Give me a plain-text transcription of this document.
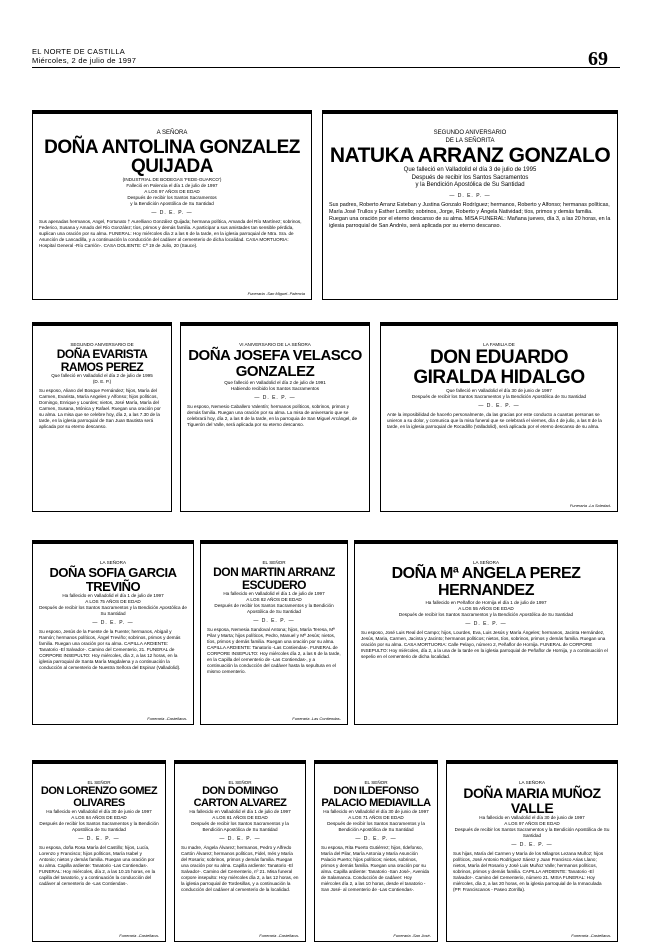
EL NORTE DE CASTILLA
Miércoles, 2 de julio de 1997	69
A SEÑORA
DOÑA ANTOLINA GONZALEZ QUIJADA
(INDUSTRIAL DE BODEGAS 'FEDE-GUARCO')
Falleció en Palencia el día 1 de julio de 1997
A LOS 97 AÑOS DE EDAD
Después de recibir los Santos Sacramentos
y la Bendición Apostólica de Su Santidad
— D. E. P. —
Sus apenadas hermanos, Angel, Fortunato † Aurelliano González Quijada; hermana política, Amanda del Río Martínez; sobrinos, Federico, Susana y Amado del Río González; tíos, primos y demás familia. A participar a sus amistades tan sensible pérdida, suplican una oración por su alma. FUNERAL: Hoy miércoles día 2 a las 6 de la tarde, en la iglesia parroquial de Ntra. Sra. de Asunción de Lancadilla, y a continuación la conducción del cadáver al cementerio de dicha localidad. CASA MORTUORIA: Hospital General -Río Carrión-. CASA DOLIENTE: Cª 19 de Julio, 20 (Sauce).
Funeraria -San Miguel- Palencia
SEGUNDO ANIVERSARIO DE LA SEÑORITA
NATUKA ARRANZ GONZALO
Que falleció en Valladolid el día 3 de julio de 1995
Después de recibir los Santos Sacramentos
y la Bendición Apostólica de Su Santidad
— D. E. P. —
Sus padres, Roberto Arranz Esteban y Justina Gonzalo Rodríguez; hermanos, Roberto y Alfonso; hermanas políticas, María José Trullos y Esther Lomillo; sobrinos, Jorge, Roberto y Ángela Natividad; tíos, primos y demás familia. Ruegan una oración por el eterno descanso de su alma. MISA FUNERAL: Mañana jueves, día 3, a las 20 horas, en la iglesia parroquial de San Andrés, será aplicada por su eterno descanso.
SEGUNDO ANIVERSARIO DE
DOÑA EVARISTA RAMOS PEREZ
Que falleció en Valladolid el día 2 de julio de 1995
(D. E. P.)
Su esposo, Aliano del Bosque Fernández; hijos, María del Carmen, Evarista, María Angeles y Alfonso; hijos políticos, Domingo, Enrique y Lourdes; nietos, José María, María del Carmen, Susana, Mónica y Rafael. Ruegan una oración por su alma. La misa que se celebre hoy, día 2, a las 7.30 de la tarde, en la iglesia parroquial de San Juan Bautista será aplicada por su eterno descanso.
VI ANIVERSARIO DE LA SEÑORA
DOÑA JOSEFA VELASCO GONZALEZ
Que falleció en Valladolid el día 2 de julio de 1991
Habiendo recibido los Santos Sacramentos
— D. E. P. —
Su esposo, Nemesio Caballero Valentín; hermanos políticos, sobrinos, primos y demás familia. Ruegan una oración por su alma. La misa de aniversario que se celebrará hoy, día 2, a las 8 de la tarde, en la parroquia de San Miguel Arcángel, de Tiguerón del Valle, será aplicada por su eterno descanso.
LA FAMILIA DE
DON EDUARDO GIRALDA HIDALGO
Que falleció en Valladolid el día 30 de junio de 1997
Después de recibir los Santos Sacramentos y la Bendición Apostólica de Su Santidad
— D. E. P. —
Ante la imposibilidad de hacerlo personalmente, da las gracias por este conducto a cuantas personas se unieron a su dolor, y comunica que la misa funeral que se celebrará el viernes, día 4 de julio, a las 8 de la tarde, en la iglesia parroquial de Rocadillo (Valladolid), será aplicada por el eterno descanso de su alma.
Funeraria -La Soledad-
LA SEÑORA
DOÑA SOFIA GARCIA TREVIÑO
Ha fallecido en Valladolid el día 1 de julio de 1997
A LOS 75 AÑOS DE EDAD
Después de recibir los Santos Sacramentos y la Bendición Apostólica de Su Santidad
— D. E. P. —
Su esposo, Jesús de la Fuente de la Fuente; hermanos, Abigail y Ramón; hermanos políticos, Ángel Treviño; sobrinos, primos y demás familia. Ruegan una oración por su alma. CAPILLA ARDIENTE: Tanatorio -El Salvador-. Camino del Cementerio, 21. FUNERAL de CORPORE INSEPULTO: Hoy miércoles, día 2, a las 12 horas, en la iglesia parroquial de Santa María Magdalena y a continuación la conducción al cementerio de Nuestra Señora del Espinar (Valladolid).
Funeraria -Castellana-
EL SEÑOR
DON MARTIN ARRANZ ESCUDERO
Ha fallecido en Valladolid el día 1 de julio de 1997
A LOS 82 AÑOS DE EDAD
Después de recibir los Santos Sacramentos y la Bendición Apostólica de Su Santidad
— D. E. P. —
Su esposa, Nemesia Sandoval Antona; hijos, María Teresa, Mª Pilar y Marta; hijos políticos, Pedro, Manuel y Mª Jesús; nietos, tíos, primos y demás familia. Ruegan una oración por su alma. CAPILLA ARDIENTE: Tanatorio -Las Contiendas-. FUNERAL de CORPORE INSEPULTO: Hoy miércoles día 2, a las 6 de la tarde, en la Capilla del cementerio de -Las Contiendas-, y a continuación la conducción del cadáver hasta la sepultura en el mismo cementerio.
Funeraria -Las Contiendas-
LA SEÑORA
DOÑA Mª ANGELA PEREZ HERNANDEZ
Ha fallecido en Peñaflor de Hornija el día 1 de julio de 1997
A LOS 55 AÑOS DE EDAD
Después de recibir los Santos Sacramentos y la Bendición Apostólica de Su Santidad
— D. E. P. —
Su esposo, José Luis Real del Campo; hijos, Lourdes, Eva, Luis Jesús y María Ángeles; hermanos, Jacinta Hernández, Jesús, Maria, Carmen, Jacinta y Jacinto; hermanos políticos; nietos, tíos, sobrinos, primos y demás familia. Ruegan una oración por su alma. CASA MORTUORIA: Calle Pelayo, número 2, Peñaflor de Hornija. FUNERAL de CORPORE INSEPULTO: Hoy miércoles, día 2, a la una de la tarde en la iglesia parroquial de Peñaflor de Hornija, y a continuación el sepelio en el cementerio de dicha localidad.
EL SEÑOR
DON LORENZO GOMEZ OLIVARES
Ha fallecido en Valladolid el día 30 de junio de 1997
A LOS 84 AÑOS DE EDAD
Después de recibir los Santos Sacramentos y la Bendición Apostólica de Su Santidad
— D. E. P. —
Su esposa, doña Rosa María del Castillo; hijos, Lucía, Lorenzo y Francisco; hijos políticos, María Isabel y Antonio; nietos y demás familia. Ruegan una oración por su alma. Capilla ardiente: Tanatorio -Las Contiendas-. FUNERAL: Hoy miércoles, día 2, a las 10.15 horas, en la capilla del tanatorio, y a continuación la conducción del cadáver al cementerio de -Las Contiendas-.
Funeraria -Castellana-
EL SEÑOR
DON DOMINGO CARTON ALVAREZ
Ha fallecido en Valladolid el día 1 de julio de 1997
A LOS 81 AÑOS DE EDAD
Después de recibir los Santos Sacramentos y la Bendición Apostólica de Su Santidad
— D. E. P. —
Su madre, Ángela Álvarez; hermanos, Pedro y Alfredo Cartón Álvarez; hermanos políticos, Fidel, Inés y María del Rosario; sobrinos, primos y demás familia. Ruegan una oración por su alma. Capilla ardiente: Tanatorio -El Salvador-. Camino del Cementerio, nº 21. Misa funeral corpore insepulto: Hoy miércoles día 2, a las 12 horas, en la iglesia parroquial de Tordesillas, y a continuación la conducción del cadáver al cementerio de la localidad.
Funeraria -Castellana-
EL SEÑOR
DON ILDEFONSO PALACIO MEDIAVILLA
Ha fallecido en Valladolid el día 30 de junio de 1997
A LOS 71 AÑOS DE EDAD
Después de recibir los Santos Sacramentos y la Bendición Apostólica de Su Santidad
— D. E. P. —
Su esposa, Rita Puerto Gutiérrez; hijos, Ildefonso, María del Pilar, María Antonia y María Asunción Palacio Puerto; hijos políticos; nietos, sobrinos, primos y demás familia. Ruegan una oración por su alma. Capilla ardiente: Tanatorio -San José-, Avenida de Salamanca. Conducción de cadáver: Hoy miércoles día 2, a las 10 horas, desde el tanatorio -San José- al cementerio de -Las Contiendas-.
Funeraria -San José-
LA SEÑORA
DOÑA MARIA MUÑOZ VALLE
Ha fallecido en Valladolid el día 30 de junio de 1997
A LOS 97 AÑOS DE EDAD
Después de recibir los Santos Sacramentos y la Bendición Apostólica de Su Santidad
— D. E. P. —
Sus hijas, María del Carmen y María de los Milagros Lezana Muñoz; hijos políticos, José Antonio Rodríguez Sáenz y Juan Francisco Arias Llano; nietos, María del Rosario y José Luis Muñoz Valle; hermanos políticos, sobrinos, primos y demás familia. CAPILLA ARDIENTE: Tanatorio -El Salvador-. Camino del Cementerio, número 21. MISA FUNERAL: Hoy miércoles, día 2, a las 20 horas, en la iglesia parroquial de la Inmaculada (PP. Franciscanos - Paseo Zorrilla).
Funeraria -Castellana-
